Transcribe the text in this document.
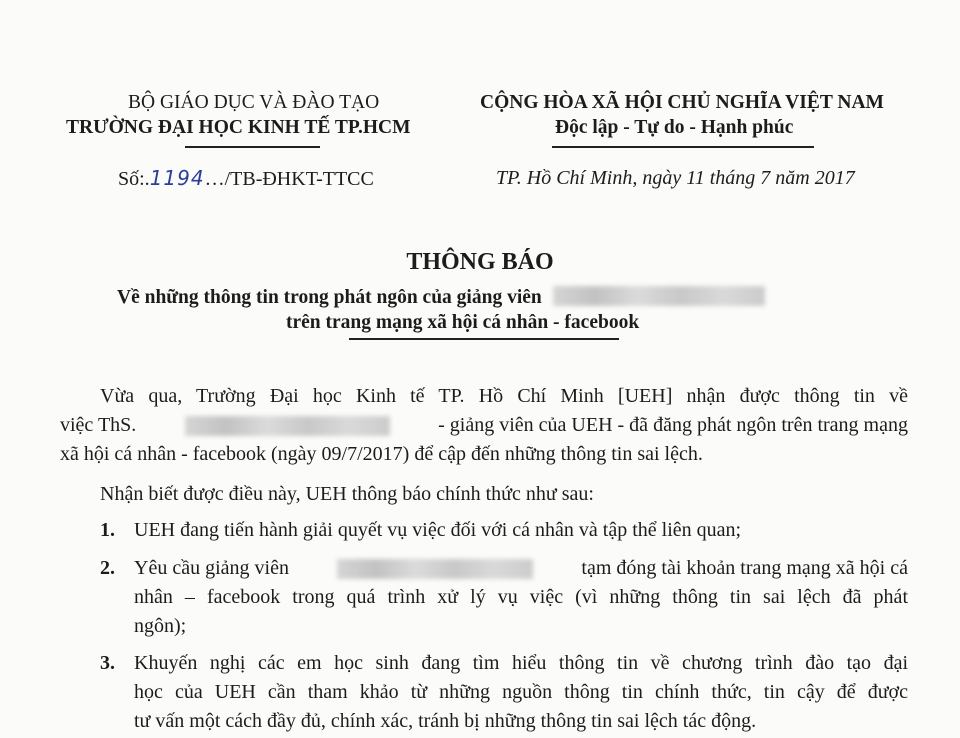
BỘ GIÁO DỤC VÀ ĐÀO TẠO
TRƯỜNG ĐẠI HỌC KINH TẾ TP.HCM
CỘNG HÒA XÃ HỘI CHỦ NGHĨA VIỆT NAM
Độc lập - Tự do - Hạnh phúc
Số:.1194…/TB-ĐHKT-TTCC	TP. Hồ Chí Minh, ngày 11 tháng 7 năm 2017
THÔNG BÁO
Về những thông tin trong phát ngôn của giảng viên
trên trang mạng xã hội cá nhân - facebook
Vừa qua, Trường Đại học Kinh tế TP. Hồ Chí Minh [UEH] nhận được thông tin về
việc ThS.	- giảng viên của UEH - đã đăng phát ngôn trên trang mạng
xã hội cá nhân - facebook (ngày 09/7/2017) để cập đến những thông tin sai lệch.
Nhận biết được điều này, UEH thông báo chính thức như sau:
1. UEH đang tiến hành giải quyết vụ việc đối với cá nhân và tập thể liên quan;
2. Yêu cầu giảng viên	tạm đóng tài khoản trang mạng xã hội cá
nhân – facebook trong quá trình xử lý vụ việc (vì những thông tin sai lệch đã phát
ngôn);
3. Khuyến nghị các em học sinh đang tìm hiểu thông tin về chương trình đào tạo đại
học của UEH cần tham khảo từ những nguồn thông tin chính thức, tin cậy để được
tư vấn một cách đầy đủ, chính xác, tránh bị những thông tin sai lệch tác động.
